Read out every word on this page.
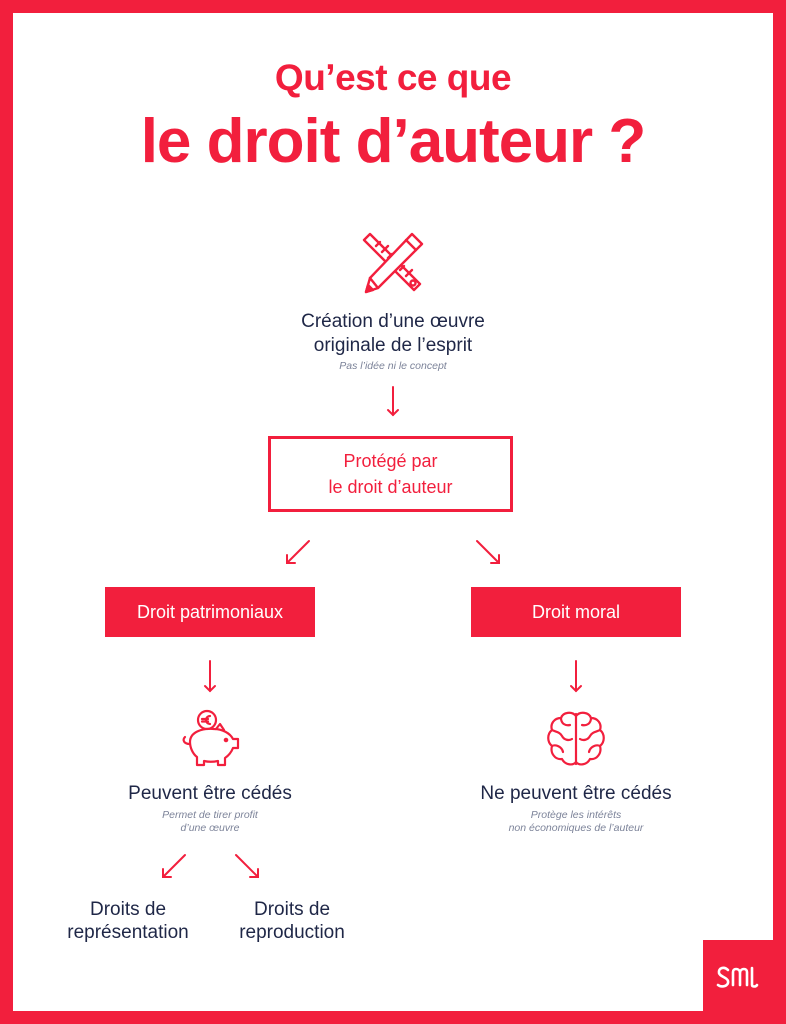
Qu’est ce que
le droit d’auteur ?
Création d’une œuvre
originale de l’esprit
Pas l’idée ni le concept
Protégé par
le droit d’auteur
Droit patrimoniaux	Droit moral
Peuvent être cédés
Permet de tirer profit
d’une œuvre
Ne peuvent être cédés
Protège les intérêts
non économiques de l’auteur
Droits de
représentation
Droits de
reproduction
